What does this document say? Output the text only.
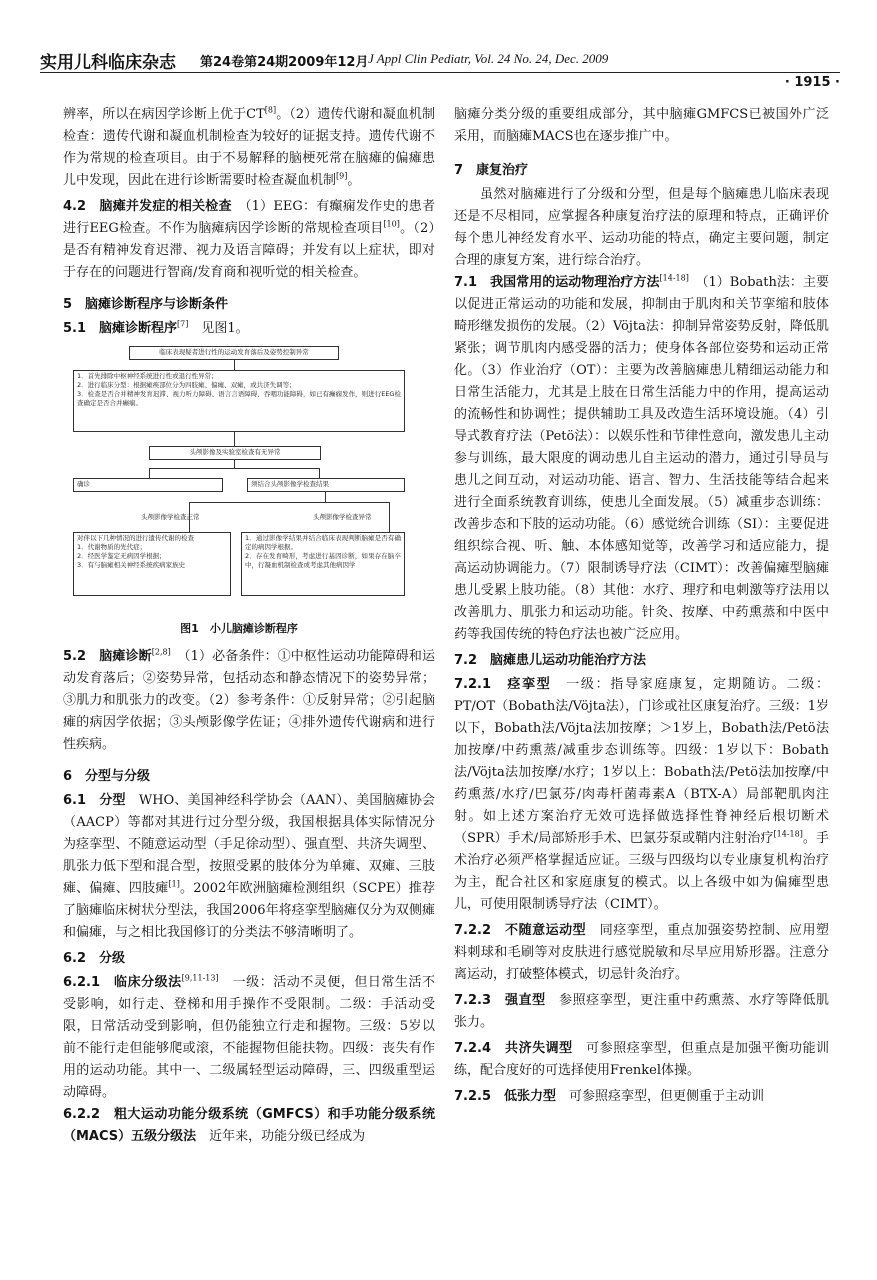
实用儿科临床杂志 第24卷第24期2009年12月 J Appl Clin Pediatr, Vol. 24 No. 24, Dec. 2009
· 1915 ·

辨率，所以在病因学诊断上优于CT[8]。（2）遗传代谢和凝血机制检查：遗传代谢和凝血机制检查为较好的证据支持。遗传代谢不作为常规的检查项目。由于不易解释的脑梗死常在脑瘫的偏瘫患儿中发现，因此在进行诊断需要时检查凝血机制[9]。

4.2　脑瘫并发症的相关检查　 （1）EEG：有癫痫发作史的患者进行EEG检查。不作为脑瘫病因学诊断的常规检查项目[10]。（2）是否有精神发育迟滞、视力及语言障碍；并发有以上症状，即对于存在的问题进行智商/发育商和视听觉的相关检查。

5　脑瘫诊断程序与诊断条件

5.1　脑瘫诊断程序[7]　 见图1。

临床表现疑者进行性的运动发育落后及姿势控制异常
1．首先排除中枢神经系统进行性或退行性异常；
2．进行临床分型：根据瘫痪部位分为四肢瘫、偏瘫、双瘫，或共济失调等；
3．检查是否合并精神发育迟滞、视力听力障碍、语言言语障碍、吞咽功能障碍，如已有癫痫发作，则进行EEG检查确定是否合并癫痫。
头颅影像及实验室检查有无异常
确诊	须结合头颅影像学检查结果
头颅影像学检查正常	头颅影像学检查异常
对伴以下几种情况的进行遗传代谢的检查
1．代谢物质的先代症；
2．经医学鉴定无病因学根据；
3．有与脑瘫相关神经系统疾病家族史
1．通过影像学结果并结合临床表现判断脑瘫是否有确定的病因学根据。
2．存在发育畸形，考虑进行基因诊断，如果存在脑卒中，行凝血机制检查或考虑其他病因学
图1　小儿脑瘫诊断程序

5.2　脑瘫诊断[2,8]　 （1）必备条件：①中枢性运动功能障碍和运动发育落后；②姿势异常，包括动态和静态情况下的姿势异常；③肌力和肌张力的改变。（2）参考条件：①反射异常；②引起脑瘫的病因学依据；③头颅影像学佐证；④排外遗传代谢病和进行性疾病。

6　分型与分级

6.1　分型　 WHO、美国神经科学协会（AAN）、美国脑瘫协会（AACP）等都对其进行过分型分级，我国根据具体实际情况分为痉挛型、不随意运动型（手足徐动型）、强直型、共济失调型、肌张力低下型和混合型，按照受累的肢体分为单瘫、双瘫、三肢瘫、偏瘫、四肢瘫[1]。2002年欧洲脑瘫检测组织（SCPE）推荐了脑瘫临床树状分型法，我国2006年将痉挛型脑瘫仅分为双侧瘫和偏瘫，与之相比我国修订的分类法不够清晰明了。

6.2　分级

6.2.1　临床分级法[9,11-13]　 一级：活动不灵便，但日常生活不受影响，如行走、登梯和用手操作不受限制。二级：手活动受限，日常活动受到影响，但仍能独立行走和握物。三级：5岁以前不能行走但能够爬或滚，不能握物但能扶物。四级：丧失有作用的运动功能。其中一、二级属轻型运动障碍，三、四级重型运动障碍。

6.2.2　粗大运动功能分级系统（GMFCS）和手功能分级系统（MACS）五级分级法　 近年来，功能分级已经成为

脑瘫分类分级的重要组成部分，其中脑瘫GMFCS已被国外广泛采用，而脑瘫MACS也在逐步推广中。

7　康复治疗

虽然对脑瘫进行了分级和分型，但是每个脑瘫患儿临床表现还是不尽相同，应掌握各种康复治疗法的原理和特点，正确评价每个患儿神经发育水平、运动功能的特点，确定主要问题，制定合理的康复方案，进行综合治疗。

7.1　我国常用的运动物理治疗方法[14-18]　 （1）Bobath法：主要以促进正常运动的功能和发展，抑制由于肌肉和关节挛缩和肢体畸形继发损伤的发展。（2）Vöjta法：抑制异常姿势反射，降低肌紧张；调节肌肉内感受器的活力；使身体各部位姿势和运动正常化。（3）作业治疗（OT）：主要为改善脑瘫患儿精细运动能力和日常生活能力，尤其是上肢在日常生活能力中的作用，提高运动的流畅性和协调性；提供辅助工具及改造生活环境设施。（4）引导式教育疗法（Petö法）：以娱乐性和节律性意向，激发患儿主动参与训练，最大限度的调动患儿自主运动的潜力，通过引导员与患儿之间互动，对运动功能、语言、智力、生活技能等结合起来进行全面系统教育训练，使患儿全面发展。（5）减重步态训练：改善步态和下肢的运动功能。（6）感觉统合训练（SI）：主要促进组织综合视、听、触、本体感知觉等，改善学习和适应能力，提高运动协调能力。（7）限制诱导疗法（CIMT）：改善偏瘫型脑瘫患儿受累上肢功能。（8）其他：水疗、理疗和电刺激等疗法用以改善肌力、肌张力和运动功能。针灸、按摩、中药熏蒸和中医中药等我国传统的特色疗法也被广泛应用。

7.2　脑瘫患儿运动功能治疗方法

7.2.1　痉挛型　 一级：指导家庭康复，定期随访。二级：PT/OT（Bobath法/Vöjta法），门诊或社区康复治疗。三级：1岁以下，Bobath法/Vöjta法加按摩；＞1岁上，Bobath法/Petö法加按摩/中药熏蒸/减重步态训练等。四级：1岁以下：Bobath法/Vöjta法加按摩/水疗；1岁以上：Bobath法/Petö法加按摩/中药熏蒸/水疗/巴氯芬/肉毒杆菌毒素A（BTX-A）局部靶肌肉注射。如上述方案治疗无效可选择做选择性脊神经后根切断术（SPR）手术/局部矫形手术、巴氯芬泵或鞘内注射治疗[14-18]。手术治疗必须严格掌握适应证。三级与四级均以专业康复机构治疗为主，配合社区和家庭康复的模式。以上各级中如为偏瘫型患儿，可使用限制诱导疗法（CIMT）。

7.2.2　不随意运动型　 同痉挛型，重点加强姿势控制、应用塑料刺球和毛刷等对皮肤进行感觉脱敏和尽早应用矫形器。注意分离运动，打破整体模式，切忌针灸治疗。

7.2.3　强直型　 参照痉挛型，更注重中药熏蒸、水疗等降低肌张力。

7.2.4　共济失调型　 可参照痉挛型，但重点是加强平衡功能训练，配合度好的可选择使用Frenkel体操。

7.2.5　低张力型　 可参照痉挛型，但更侧重于主动训
